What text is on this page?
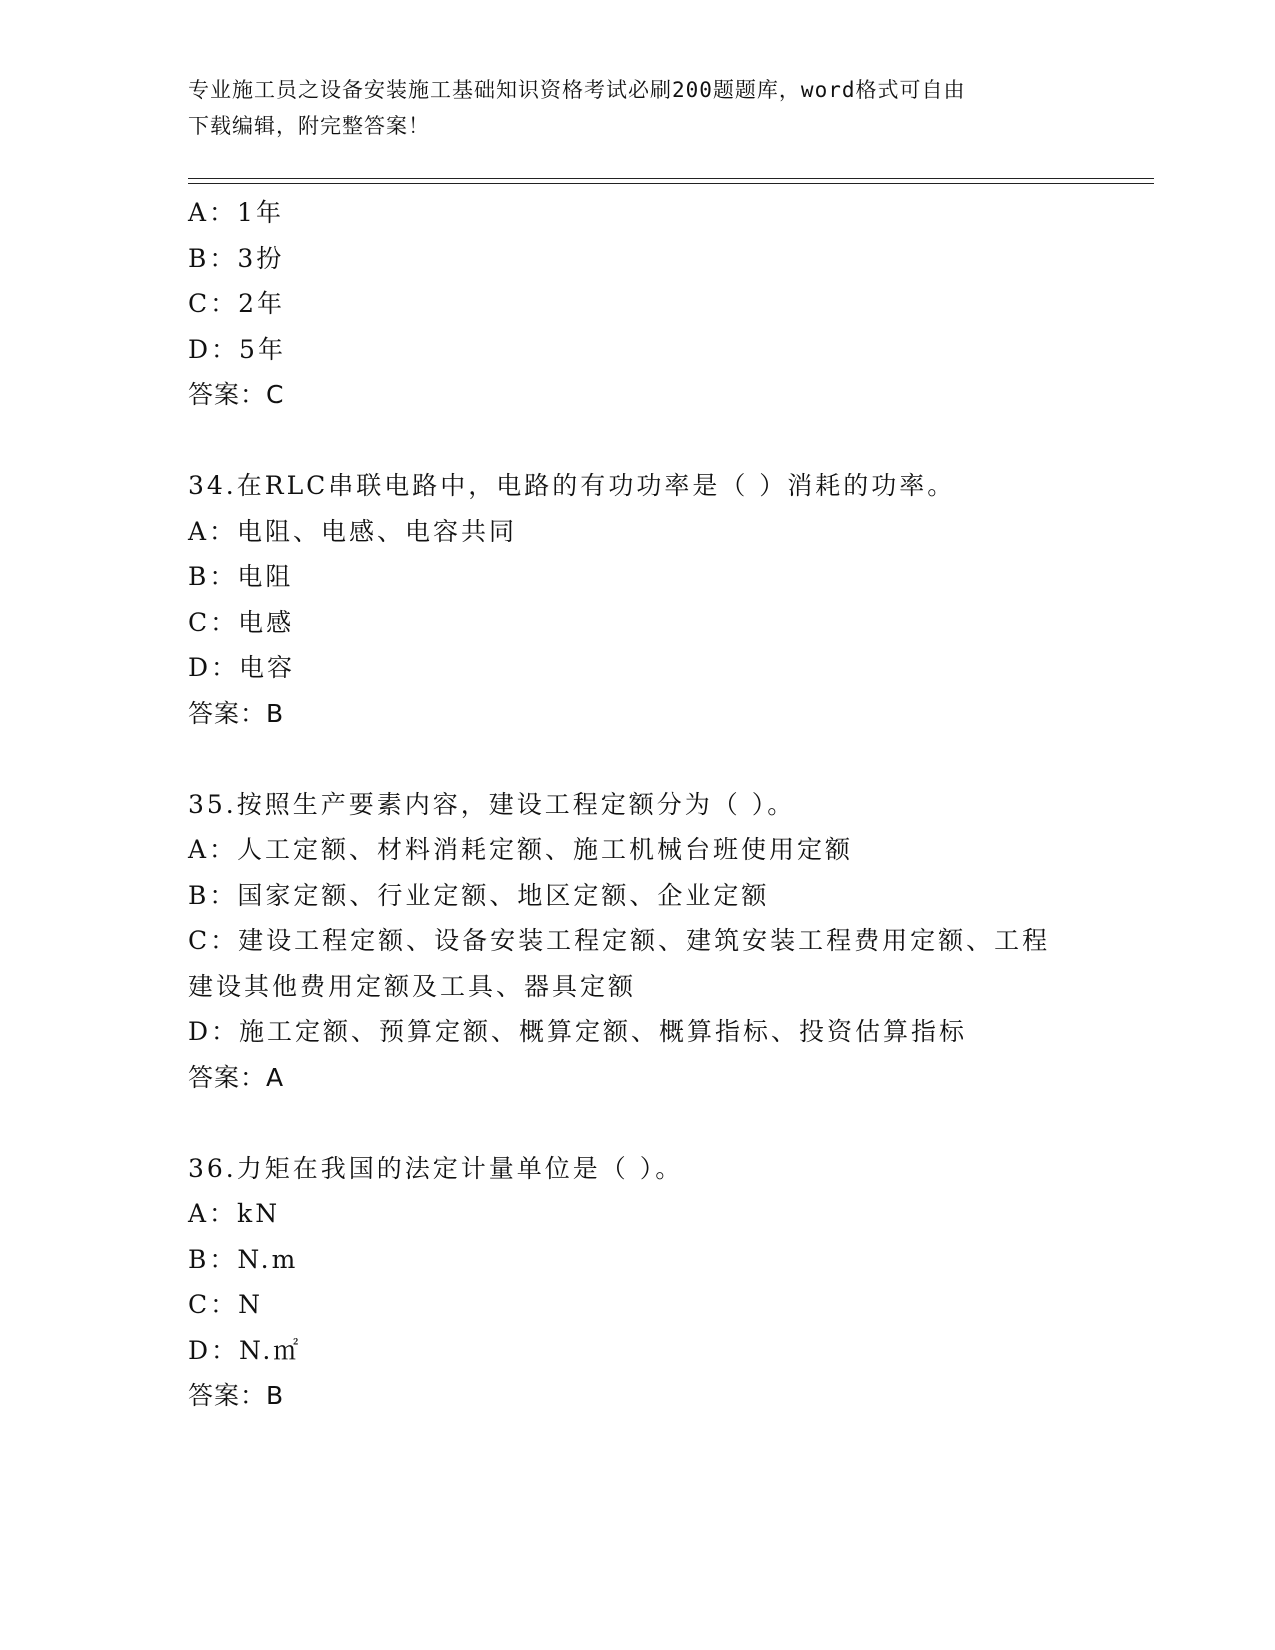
专业施工员之设备安装施工基础知识资格考试必刷200题题库，word格式可自由
下载编辑，附完整答案！
A：1年
B：3扮
C：2年
D：5年
答案：C
34.在RLC串联电路中，电路的有功功率是（ ）消耗的功率。
A：电阻、电感、电容共同
B：电阻
C：电感
D：电容
答案：B
35.按照生产要素内容，建设工程定额分为（ ）。
A：人工定额、材料消耗定额、施工机械台班使用定额
B：国家定额、行业定额、地区定额、企业定额
C：建设工程定额、设备安装工程定额、建筑安装工程费用定额、工程
建设其他费用定额及工具、器具定额
D：施工定额、预算定额、概算定额、概算指标、投资估算指标
答案：A
36.力矩在我国的法定计量单位是（ ）。
A：kN
B：N.m
C：N
D：N.㎡
答案：B
